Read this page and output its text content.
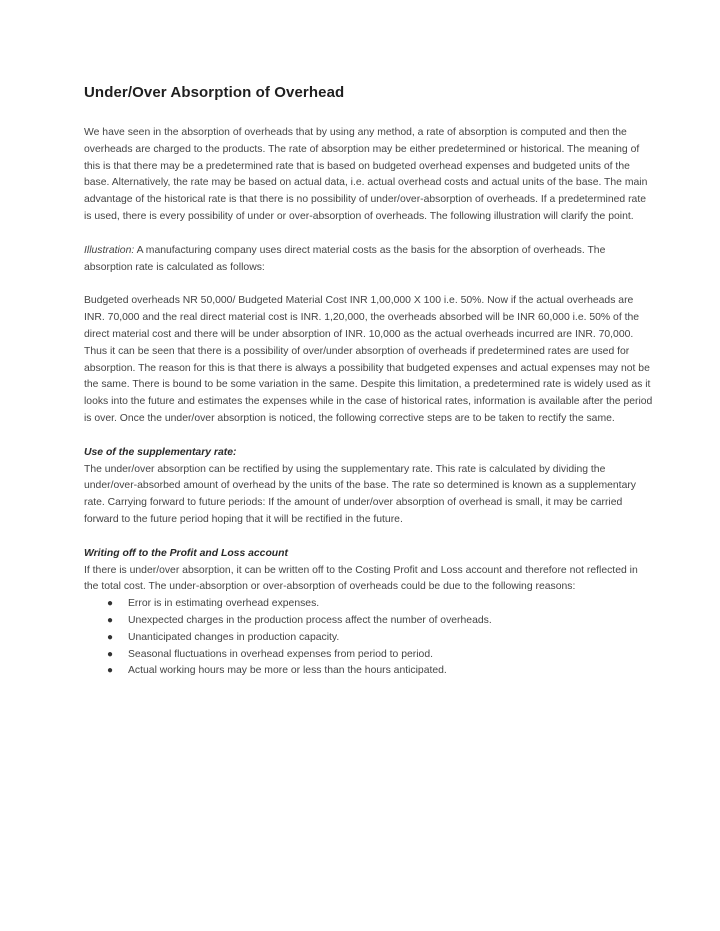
Under/Over Absorption of Overhead

We have seen in the absorption of overheads that by using any method, a rate of absorption is computed and then the overheads are charged to the products. The rate of absorption may be either predetermined or historical. The meaning of this is that there may be a predetermined rate that is based on budgeted overhead expenses and budgeted units of the base. Alternatively, the rate may be based on actual data, i.e. actual overhead costs and actual units of the base. The main advantage of the historical rate is that there is no possibility of under/over-absorption of overheads. If a predetermined rate is used, there is every possibility of under or over-absorption of overheads. The following illustration will clarify the point.

Illustration: A manufacturing company uses direct material costs as the basis for the absorption of overheads. The absorption rate is calculated as follows:

Budgeted overheads NR 50,000/ Budgeted Material Cost INR 1,00,000 X 100 i.e. 50%. Now if the actual overheads are INR. 70,000 and the real direct material cost is INR. 1,20,000, the overheads absorbed will be INR 60,000 i.e. 50% of the direct material cost and there will be under absorption of INR. 10,000 as the actual overheads incurred are INR. 70,000. Thus it can be seen that there is a possibility of over/under absorption of overheads if predetermined rates are used for absorption. The reason for this is that there is always a possibility that budgeted expenses and actual expenses may not be the same. There is bound to be some variation in the same. Despite this limitation, a predetermined rate is widely used as it looks into the future and estimates the expenses while in the case of historical rates, information is available after the period is over. Once the under/over absorption is noticed, the following corrective steps are to be taken to rectify the same.

Use of the supplementary rate:

The under/over absorption can be rectified by using the supplementary rate. This rate is calculated by dividing the under/over-absorbed amount of overhead by the units of the base. The rate so determined is known as a supplementary rate. Carrying forward to future periods: If the amount of under/over absorption of overhead is small, it may be carried forward to the future period hoping that it will be rectified in the future.

Writing off to the Profit and Loss account

If there is under/over absorption, it can be written off to the Costing Profit and Loss account and therefore not reflected in the total cost. The under-absorption or over-absorption of overheads could be due to the following reasons:

● Error is in estimating overhead expenses.
● Unexpected charges in the production process affect the number of overheads.
● Unanticipated changes in production capacity.
● Seasonal fluctuations in overhead expenses from period to period.
● Actual working hours may be more or less than the hours anticipated.
